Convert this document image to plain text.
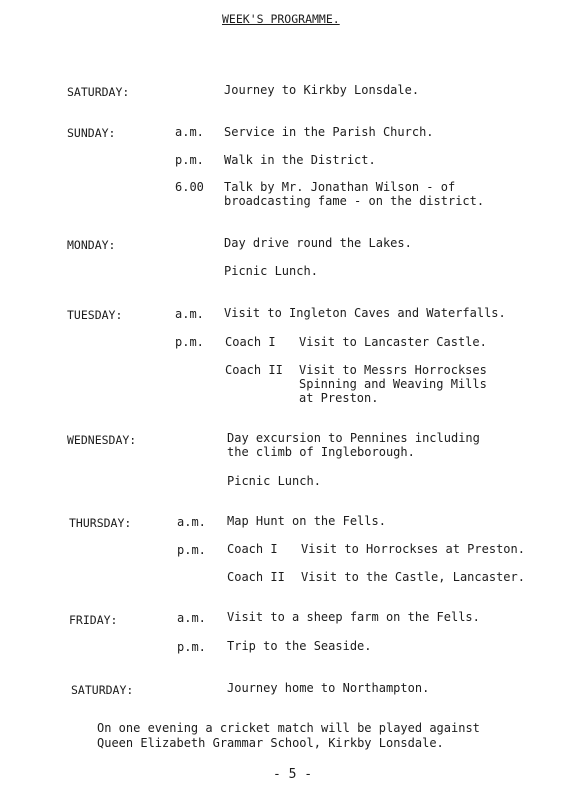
WEEK'S PROGRAMME.
SATURDAY:	Journey to Kirkby Lonsdale.
SUNDAY:	a.m. Service in the Parish Church.
p.m. Walk in the District.
6.00 Talk by Mr. Jonathan Wilson - of
broadcasting fame - on the district.
MONDAY:	Day drive round the Lakes.
Picnic Lunch.
TUESDAY:	a.m. Visit to Ingleton Caves and Waterfalls.
p.m. Coach I Visit to Lancaster Castle.
Coach II Visit to Messrs Horrockses
Spinning and Weaving Mills
at Preston.
WEDNESDAY:	Day excursion to Pennines including
the climb of Ingleborough.
Picnic Lunch.
THURSDAY:	a.m. Map Hunt on the Fells.
p.m. Coach I Visit to Horrockses at Preston.
Coach II Visit to the Castle, Lancaster.
FRIDAY:	a.m. Visit to a sheep farm on the Fells.
p.m. Trip to the Seaside.
SATURDAY:	Journey home to Northampton.
On one evening a cricket match will be played against
Queen Elizabeth Grammar School, Kirkby Lonsdale.
- 5 -
